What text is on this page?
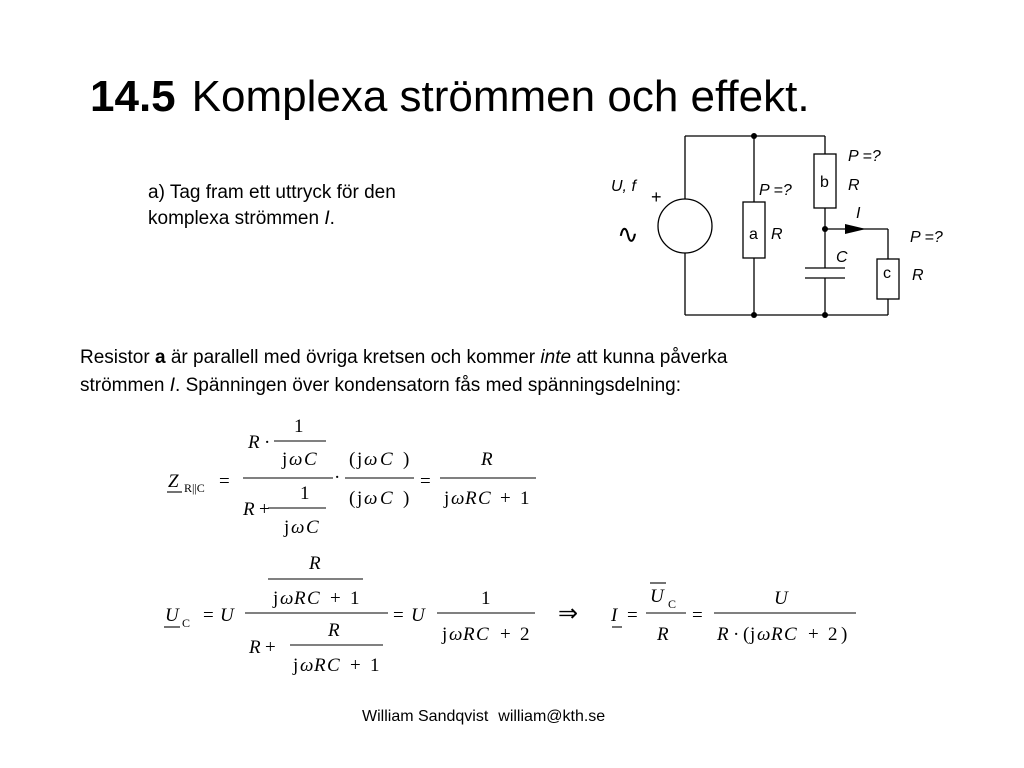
14.5 Komplexa strömmen och effekt.
a) Tag fram ett uttryck för den
komplexa strömmen I.
U, f
+
∿	a R
P =? b
P =?
R
I
C
c
P =?
R
Resistor a är parallell med övriga kretsen och kommer inte att kunna påverka
strömmen I. Spänningen över kondensatorn fås med spänningsdelning:
Z R||C =
R ·
1
j ω C
R +
1
j ω C
·
( j ω C )
( j ω C )
=
R
j ω R C + 1
U C = U
R
j ω R C + 1
R +
R
j ω R C + 1
= U
1
j ω R C + 2
⇒ I =
U C
R
=
U
R · ( j ω R C + 2 )
William Sandqvist william@kth.se
